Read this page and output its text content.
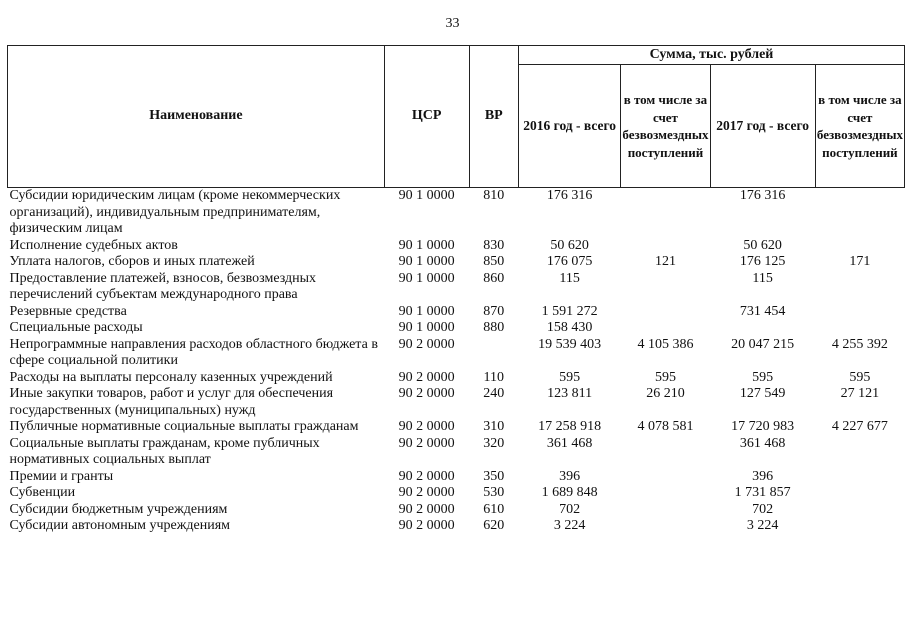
33
Наименование	ЦСР	ВР	Сумма, тыс. рублей			
			2016 год - всего	в том числе за счет безвозмездных поступлений	2017 год - всего	в том числе за счет безвозмездных поступлений
Субсидии юридическим лицам (кроме некоммерческих организаций), индивидуальным предпринимателям, физическим лицам	90 1 0000	810	176 316		176 316	
Исполнение судебных актов	90 1 0000	830	50 620		50 620	
Уплата налогов, сборов и иных платежей	90 1 0000	850	176 075	121	176 125	171
Предоставление платежей, взносов, безвозмездных перечислений субъектам международного права	90 1 0000	860	115		115	
Резервные средства	90 1 0000	870	1 591 272		731 454	
Специальные расходы	90 1 0000	880	158 430			
Непрограммные направления расходов областного бюджета в сфере социальной политики	90 2 0000		19 539 403	4 105 386	20 047 215	4 255 392
Расходы на выплаты персоналу казенных учреждений	90 2 0000	110	595	595	595	595
Иные закупки товаров, работ и услуг для обеспечения государственных (муниципальных) нужд	90 2 0000	240	123 811	26 210	127 549	27 121
Публичные нормативные социальные выплаты гражданам	90 2 0000	310	17 258 918	4 078 581	17 720 983	4 227 677
Социальные выплаты гражданам, кроме публичных нормативных социальных выплат	90 2 0000	320	361 468		361 468	
Премии и гранты	90 2 0000	350	396		396	
Субвенции	90 2 0000	530	1 689 848		1 731 857	
Субсидии бюджетным учреждениям	90 2 0000	610	702		702	
Субсидии автономным учреждениям	90 2 0000	620	3 224		3 224	
